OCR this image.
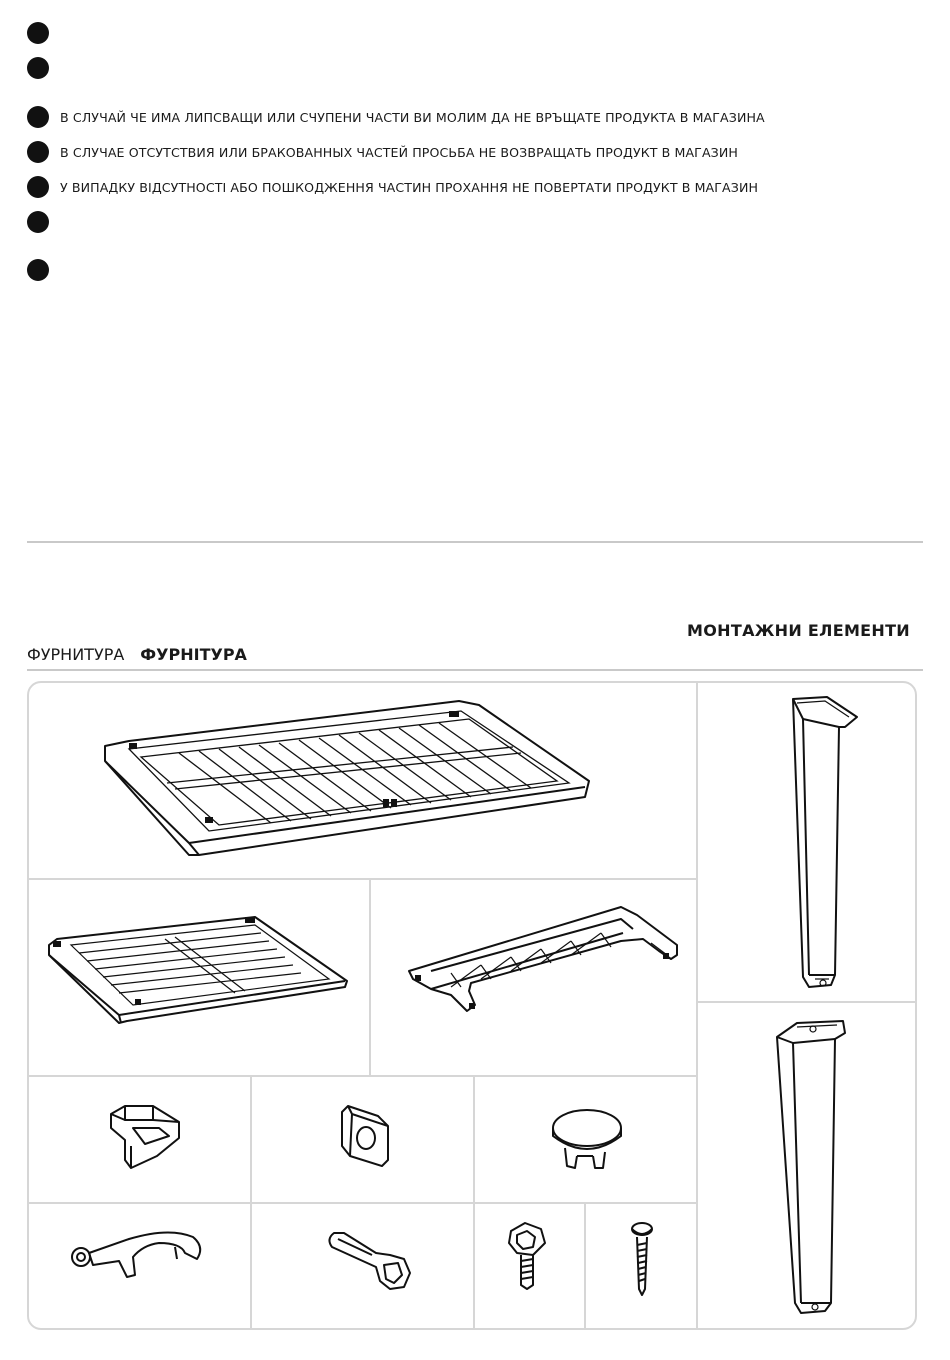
В СЛУЧАЙ ЧЕ ИМА ЛИПСВАЩИ ИЛИ СЧУПЕНИ ЧАСТИ ВИ МОЛИМ ДА НЕ ВРЪЩАТЕ ПРОДУКТА В МАГАЗИНА
В СЛУЧАЕ ОТСУТСТВИЯ ИЛИ БРАКОВАННЫХ ЧАСТЕЙ ПРОСЬБА НЕ ВОЗВРАЩАТЬ ПРОДУКТ В МАГАЗИН
У ВИПАДКУ ВІДСУТНОСТІ АБО ПОШКОДЖЕННЯ ЧАСТИН ПРОХАННЯ НЕ ПОВЕРТАТИ ПРОДУКТ В МАГАЗИН
МОНТАЖНИ ЕЛЕМЕНТИ
ФУРНИТУРА ФУРНІТУРА
